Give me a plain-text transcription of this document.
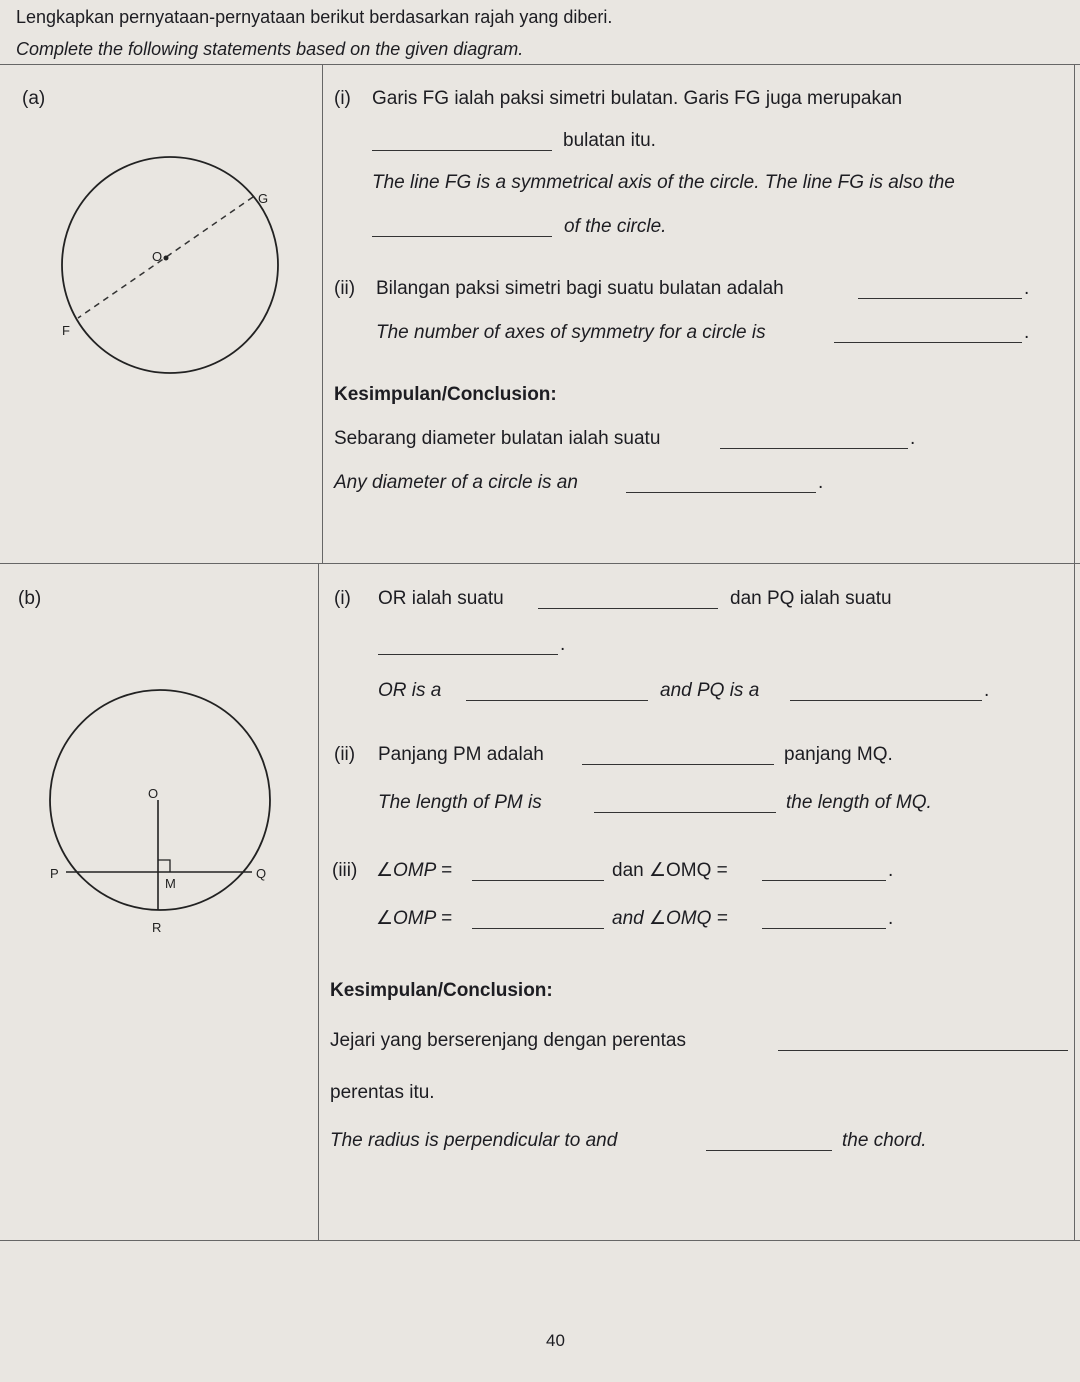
Lengkapkan pernyataan-pernyataan berikut berdasarkan rajah yang diberi.
Complete the following statements based on the given diagram.
(a)
G
O
F
(i) Garis FG ialah paksi simetri bulatan. Garis FG juga merupakan
bulatan itu.
The line FG is a symmetrical axis of the circle. The line FG is also the
of the circle.
(ii) Bilangan paksi simetri bagi suatu bulatan adalah	.
The number of axes of symmetry for a circle is	.
Kesimpulan/Conclusion:
Sebarang diameter bulatan ialah suatu	.
Any diameter of a circle is an	.
(b)
O
P
M
Q
R
(i) OR ialah suatu	dan PQ ialah suatu
.
OR is a	and PQ is a	.
(ii) Panjang PM adalah	panjang MQ.
The length of PM is	the length of MQ.
(iii) ∠OMP =	dan ∠OMQ =	.
∠OMP =	and ∠OMQ =	.
Kesimpulan/Conclusion:
Jejari yang berserenjang dengan perentas
perentas itu.
The radius is perpendicular to and	the chord.
40
